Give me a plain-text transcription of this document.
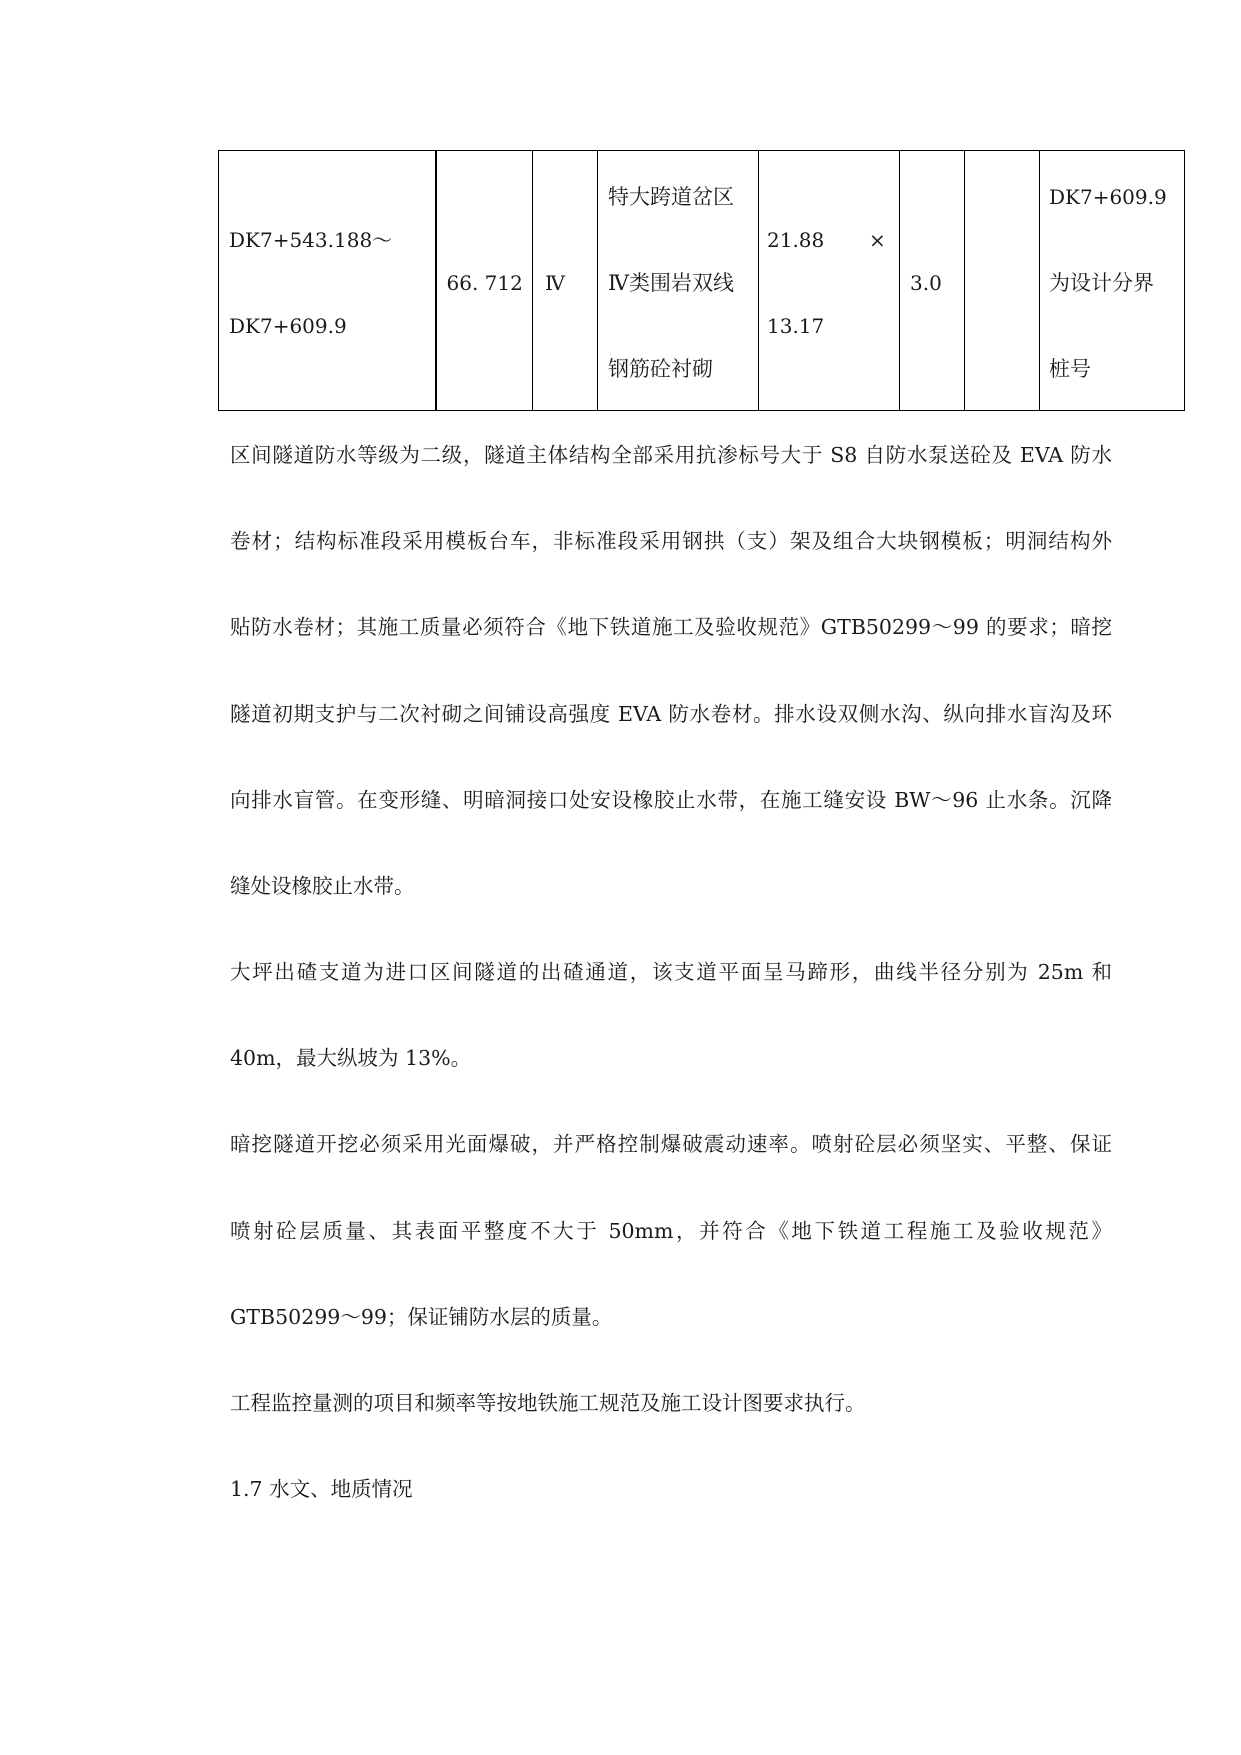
DK7+543.188～
DK7+609.9

66. 712	Ⅳ

特大跨道岔区
Ⅳ类围岩双线
钢筋砼衬砌

21.88 ×
13.17

3.0

DK7+609.9
为设计分界
桩号
区间隧道防水等级为二级，隧道主体结构全部采用抗渗标号大于 S8 自防水泵送砼及 EVA 防水
卷材；结构标准段采用模板台车，非标准段采用钢拱（支）架及组合大块钢模板；明洞结构外
贴防水卷材；其施工质量必须符合《地下铁道施工及验收规范》GTB50299～99 的要求；暗挖
隧道初期支护与二次衬砌之间铺设高强度 EVA 防水卷材。排水设双侧水沟、纵向排水盲沟及环
向排水盲管。在变形缝、明暗洞接口处安设橡胶止水带，在施工缝安设 BW～96 止水条。沉降
缝处设橡胶止水带。
大坪出碴支道为进口区间隧道的出碴通道，该支道平面呈马蹄形，曲线半径分别为 25m 和
40m，最大纵坡为 13%。
暗挖隧道开挖必须采用光面爆破，并严格控制爆破震动速率。喷射砼层必须坚实、平整、保证
喷射砼层质量、其表面平整度不大于 50mm，并符合《地下铁道工程施工及验收规范》
GTB50299～99；保证铺防水层的质量。
工程监控量测的项目和频率等按地铁施工规范及施工设计图要求执行。
1.7 水文、地质情况
